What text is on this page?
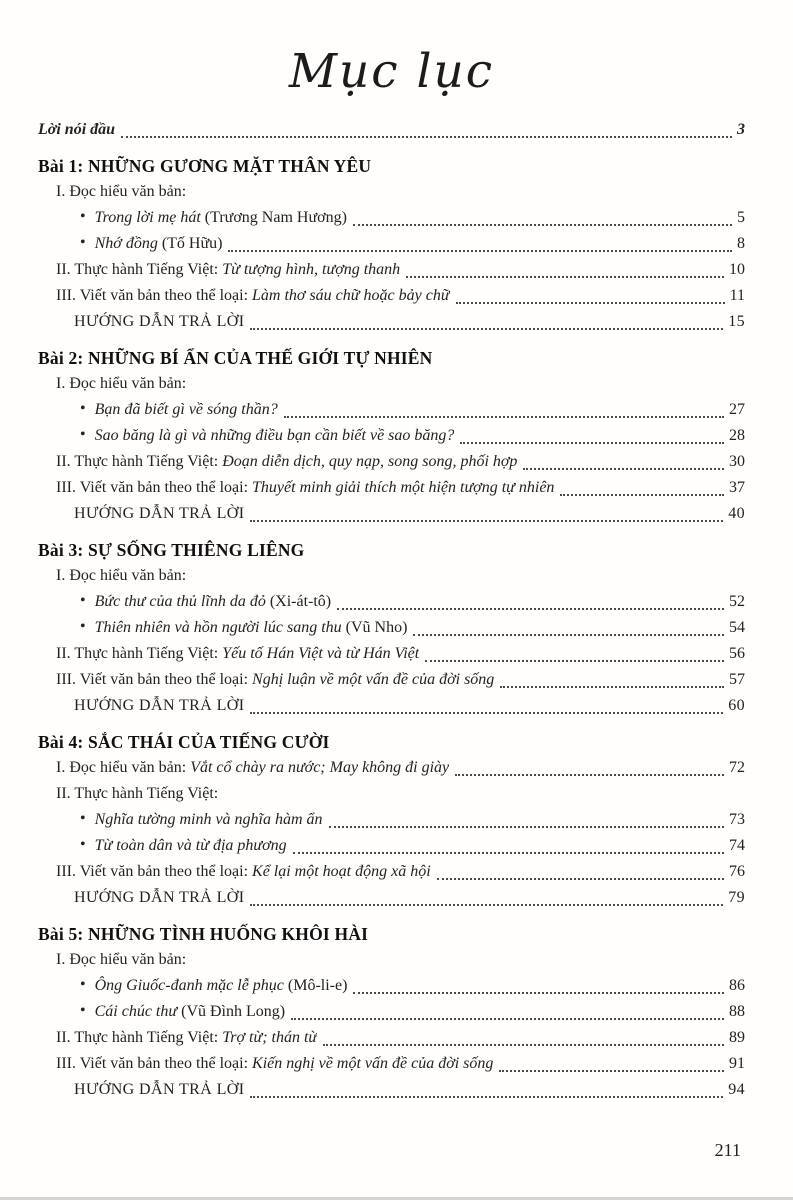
Mục lục
Lời nói đầu	3
Bài 1: NHỮNG GƯƠNG MẶT THÂN YÊU
I. Đọc hiểu văn bản:
• Trong lời mẹ hát (Trương Nam Hương)	5
• Nhớ đồng (Tố Hữu)	8
II. Thực hành Tiếng Việt: Từ tượng hình, tượng thanh	10
III. Viết văn bản theo thể loại: Làm thơ sáu chữ hoặc bảy chữ	11
HƯỚNG DẪN TRẢ LỜI	15
Bài 2: NHỮNG BÍ ẨN CỦA THẾ GIỚI TỰ NHIÊN
I. Đọc hiểu văn bản:
• Bạn đã biết gì về sóng thần?	27
• Sao băng là gì và những điều bạn cần biết về sao băng?	28
II. Thực hành Tiếng Việt: Đoạn diễn dịch, quy nạp, song song, phối hợp	30
III. Viết văn bản theo thể loại: Thuyết minh giải thích một hiện tượng tự nhiên	37
HƯỚNG DẪN TRẢ LỜI	40
Bài 3: SỰ SỐNG THIÊNG LIÊNG
I. Đọc hiểu văn bản:
• Bức thư của thủ lĩnh da đỏ (Xi-át-tô)	52
• Thiên nhiên và hồn người lúc sang thu (Vũ Nho)	54
II. Thực hành Tiếng Việt: Yếu tố Hán Việt và từ Hán Việt	56
III. Viết văn bản theo thể loại: Nghị luận về một vấn đề của đời sống	57
HƯỚNG DẪN TRẢ LỜI	60
Bài 4: SẮC THÁI CỦA TIẾNG CƯỜI
I. Đọc hiểu văn bản: Vắt cổ chày ra nước; May không đi giày	72
II. Thực hành Tiếng Việt:
• Nghĩa tường minh và nghĩa hàm ẩn	73
• Từ toàn dân và từ địa phương	74
III. Viết văn bản theo thể loại: Kể lại một hoạt động xã hội	76
HƯỚNG DẪN TRẢ LỜI	79
Bài 5: NHỮNG TÌNH HUỐNG KHÔI HÀI
I. Đọc hiểu văn bản:
• Ông Giuốc-đanh mặc lễ phục (Mô-li-e)	86
• Cái chúc thư (Vũ Đình Long)	88
II. Thực hành Tiếng Việt: Trợ từ; thán từ	89
III. Viết văn bản theo thể loại: Kiến nghị về một vấn đề của đời sống	91
HƯỚNG DẪN TRẢ LỜI	94
211
